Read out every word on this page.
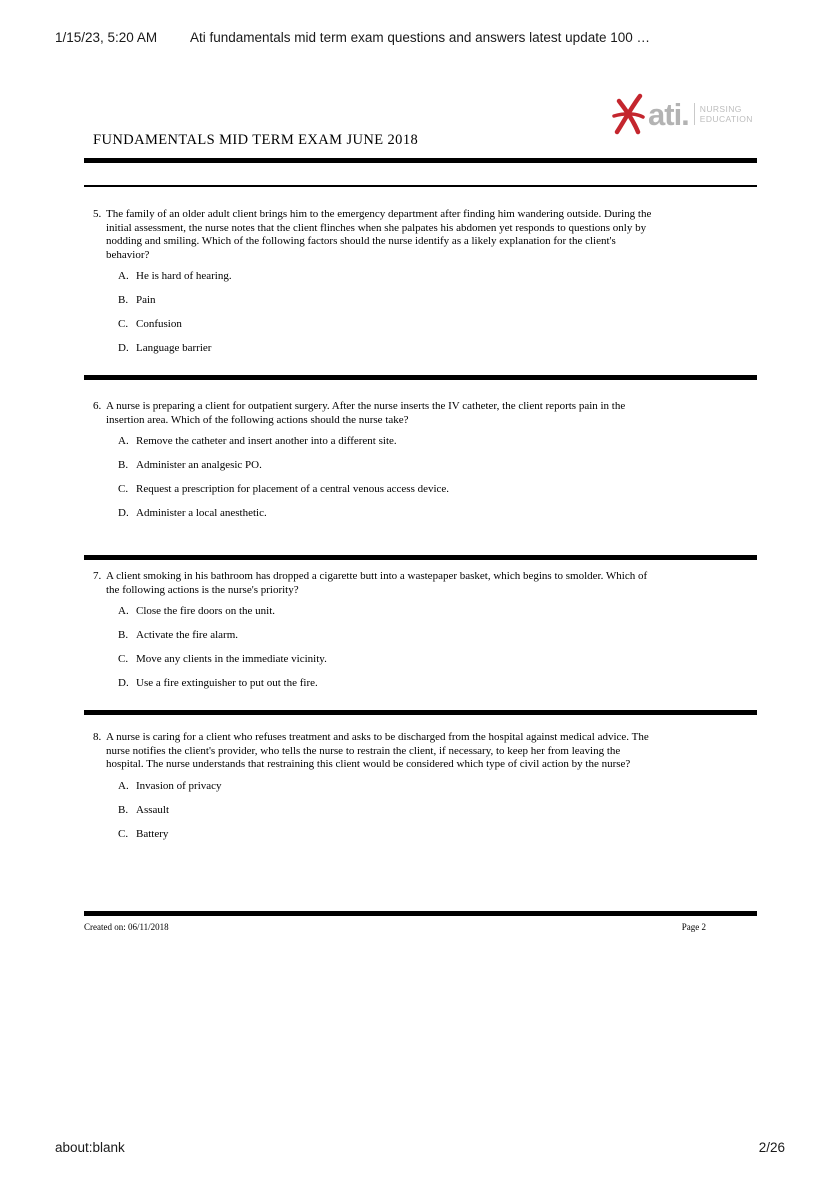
1/15/23, 5:20 AM Ati fundamentals mid term exam questions and answers latest update 100 …
ati.	NURSING
EDUCATION
FUNDAMENTALS MID TERM EXAM JUNE 2018
5. The family of an older adult client brings him to the emergency department after finding him wandering outside. During the initial assessment, the nurse notes that the client flinches when she palpates his abdomen yet responds to questions only by nodding and smiling. Which of the following factors should the nurse identify as a likely explanation for the client's behavior?
A. He is hard of hearing.
B. Pain
C. Confusion
D. Language barrier
6. A nurse is preparing a client for outpatient surgery. After the nurse inserts the IV catheter, the client reports pain in the insertion area. Which of the following actions should the nurse take?
A. Remove the catheter and insert another into a different site.
B. Administer an analgesic PO.
C. Request a prescription for placement of a central venous access device.
D. Administer a local anesthetic.
7. A client smoking in his bathroom has dropped a cigarette butt into a wastepaper basket, which begins to smolder. Which of the following actions is the nurse's priority?
A. Close the fire doors on the unit.
B. Activate the fire alarm.
C. Move any clients in the immediate vicinity.
D. Use a fire extinguisher to put out the fire.
8. A nurse is caring for a client who refuses treatment and asks to be discharged from the hospital against medical advice. The nurse notifies the client's provider, who tells the nurse to restrain the client, if necessary, to keep her from leaving the hospital. The nurse understands that restraining this client would be considered which type of civil action by the nurse?
A. Invasion of privacy
B. Assault
C. Battery
Created on: 06/11/2018	Page 2
about:blank	2/26
